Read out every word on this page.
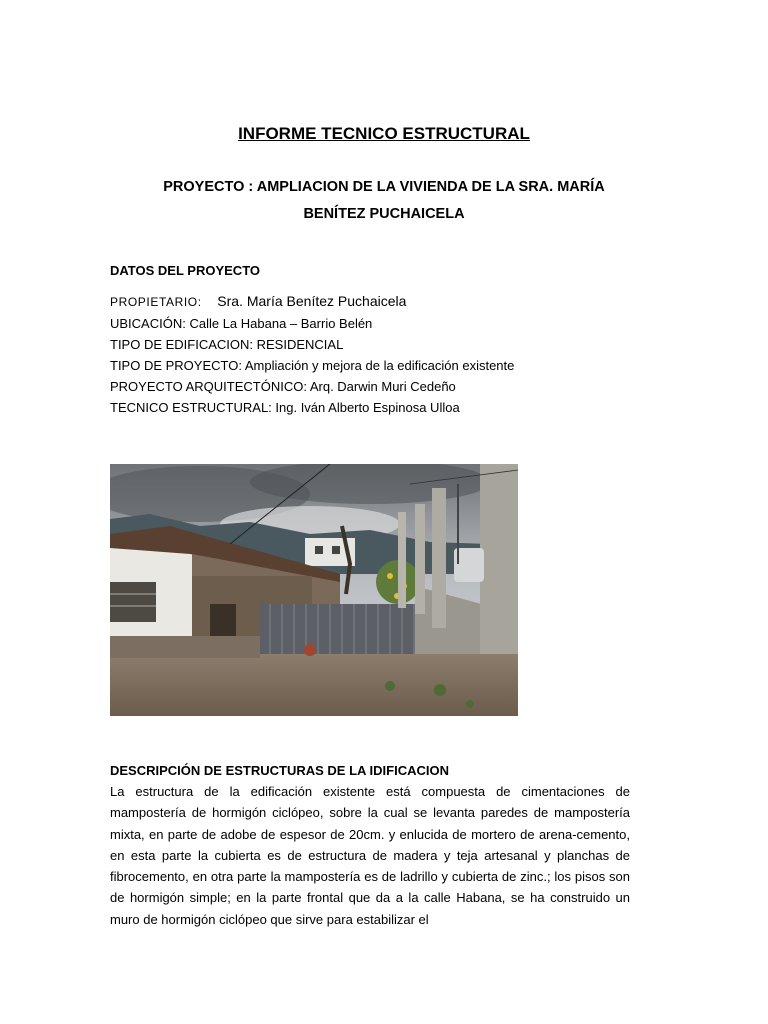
INFORME TECNICO ESTRUCTURAL
PROYECTO : AMPLIACION DE LA VIVIENDA DE LA SRA. MARÍA
BENÍTEZ PUCHAICELA
DATOS DEL PROYECTO
PROPIETARIO: Sra. María Benítez Puchaicela
UBICACIÓN: Calle La Habana – Barrio Belén
TIPO DE EDIFICACION: RESIDENCIAL
TIPO DE PROYECTO: Ampliación y mejora de la edificación existente
PROYECTO ARQUITECTÓNICO: Arq. Darwin Muri Cedeño
TECNICO ESTRUCTURAL: Ing. Iván Alberto Espinosa Ulloa
DESCRIPCIÓN DE ESTRUCTURAS DE LA IDIFICACION

La estructura de la edificación existente está compuesta de cimentaciones de mampostería de hormigón ciclópeo, sobre la cual se levanta paredes de mampostería mixta, en parte de adobe de espesor de 20cm. y enlucida de mortero de arena-cemento, en esta parte la cubierta es de estructura de madera y teja artesanal y planchas de fibrocemento, en otra parte la mampostería es de ladrillo y cubierta de zinc.; los pisos son de hormigón simple; en la parte frontal que da a la calle Habana, se ha construido un muro de hormigón ciclópeo que sirve para estabilizar el
